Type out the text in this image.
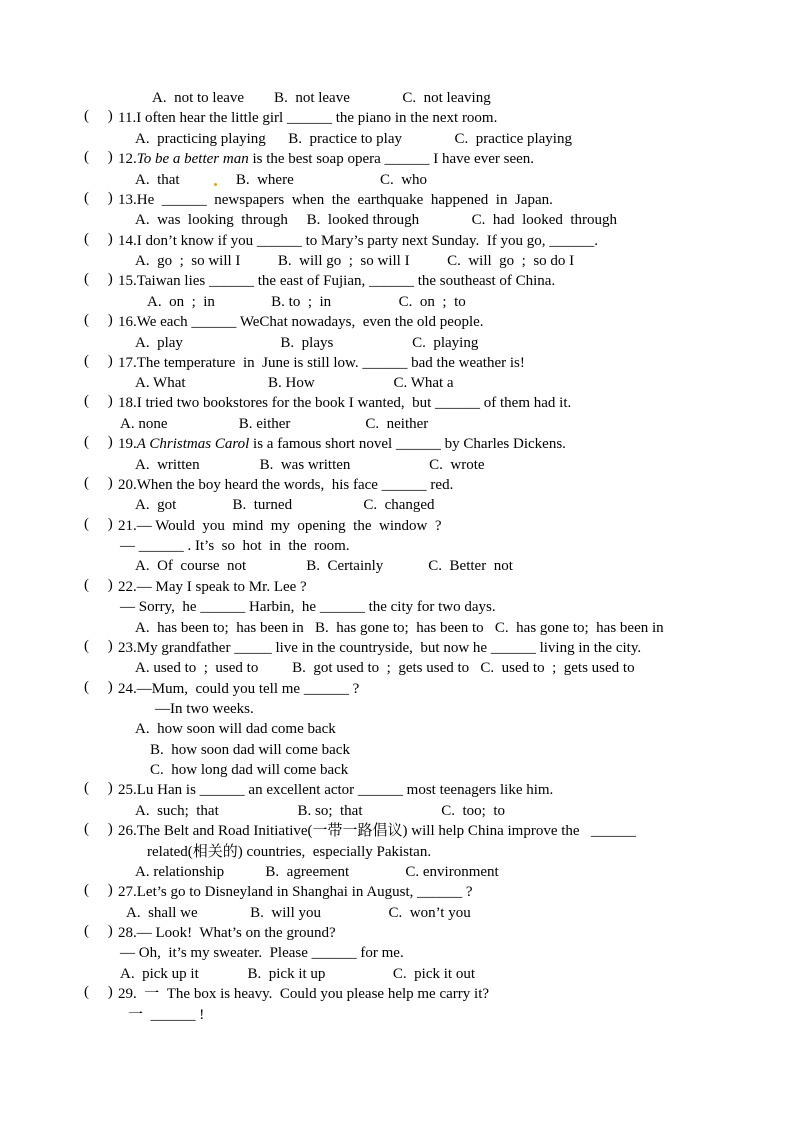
A.  not to leave        B.  not leave              C.  not leaving
(     ) 11.I often hear the little girl ______ the piano in the next room.
A.  practicing playing      B.  practice to play              C.  practice playing
(     ) 12.To be a better man is the best soap opera ______ I have ever seen.
A.  that               B.  where                       C.  who
(     ) 13.He  ______  newspapers  when  the  earthquake  happened  in  Japan.
A.  was  looking  through     B.  looked through              C.  had  looked  through
(     ) 14.I don’t know if you ______ to Mary’s party next Sunday.  If you go, ______.
A.  go  ;  so will I          B.  will go  ;  so will I          C.  will  go  ;  so do I
(     ) 15.Taiwan lies ______ the east of Fujian, ______ the southeast of China.
A.  on  ;  in               B. to  ;  in                  C.  on  ;  to
(     ) 16.We each ______ WeChat nowadays,  even the old people.
A.  play                          B.  plays                     C.  playing
(     ) 17.The temperature  in  June is still low. ______ bad the weather is!
A. What                      B. How                     C. What a
(     ) 18.I tried two bookstores for the book I wanted,  but ______ of them had it.
A. none                   B. either                    C.  neither
(     ) 19.A Christmas Carol is a famous short novel ______ by Charles Dickens.
A.  written                B.  was written                     C.  wrote
(     ) 20.When the boy heard the words,  his face ______ red.
A.  got               B.  turned                   C.  changed
(     ) 21.— Would  you  mind  my  opening  the  window  ?
— ______ . It’s  so  hot  in  the  room.
A.  Of  course  not                B.  Certainly            C.  Better  not
(     ) 22.— May I speak to Mr. Lee ?
— Sorry,  he ______ Harbin,  he ______ the city for two days.
A.  has been to;  has been in   B.  has gone to;  has been to   C.  has gone to;  has been in
(     ) 23.My grandfather _____ live in the countryside,  but now he ______ living in the city.
A. used to  ;  used to         B.  got used to  ;  gets used to   C.  used to  ;  gets used to
(     ) 24.—Mum,  could you tell me ______ ?
—In two weeks.
A.  how soon will dad come back
B.  how soon dad will come back
C.  how long dad will come back
(     ) 25.Lu Han is ______ an excellent actor ______ most teenagers like him.
A.  such;  that                     B. so;  that                     C.  too;  to
(     ) 26.The Belt and Road Initiative(一带一路倡议) will help China improve the   ______
related(相关的) countries,  especially Pakistan.
A. relationship           B.  agreement               C. environment
(     ) 27.Let’s go to Disneyland in Shanghai in August, ______ ?
A.  shall we              B.  will you                  C.  won’t you
(     ) 28.— Look!  What’s on the ground?
— Oh,  it’s my sweater.  Please ______ for me.
A.  pick up it             B.  pick it up                  C.  pick it out
(     ) 29.  一  The box is heavy.  Could you please help me carry it?
一  ______ !
